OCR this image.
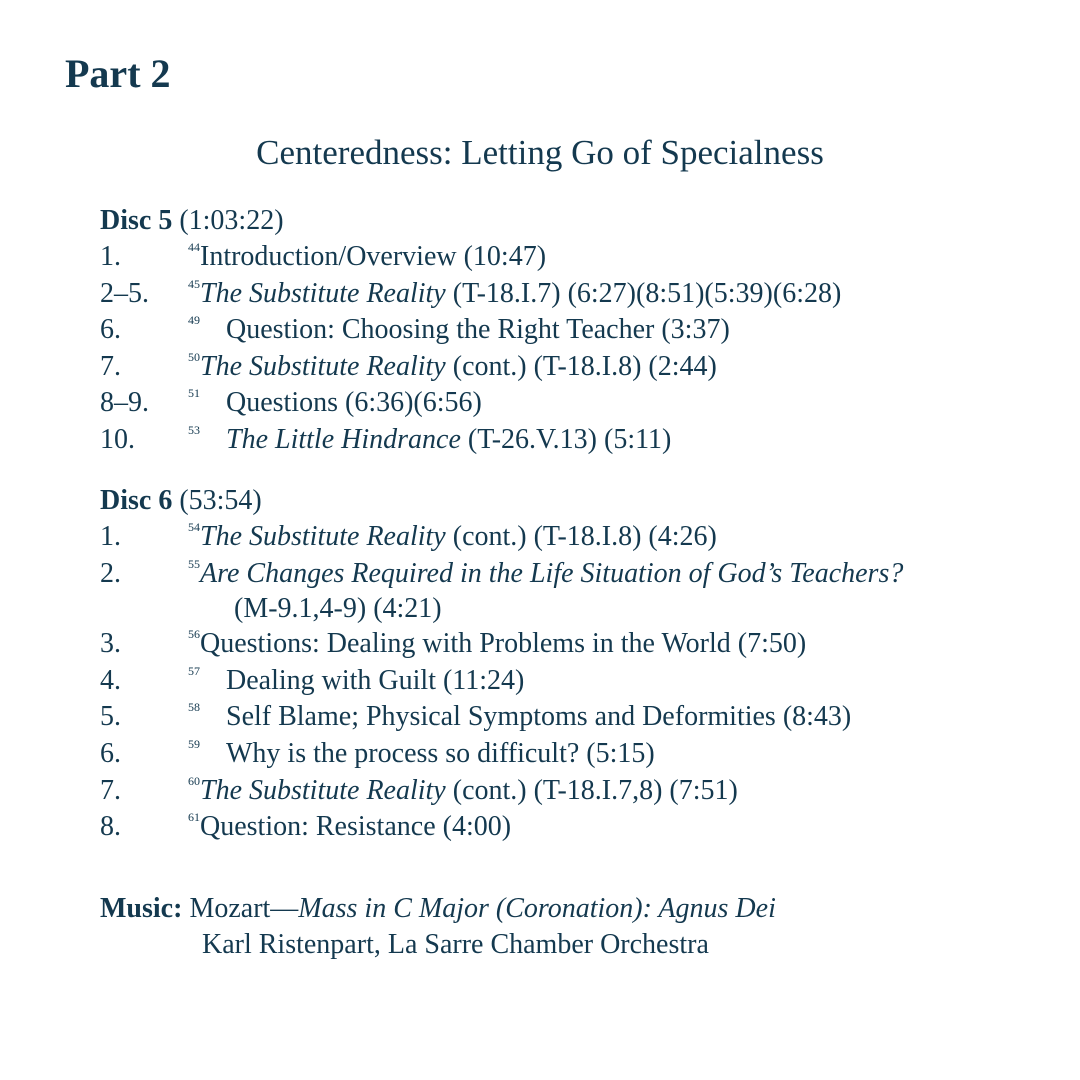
Part 2
Centeredness: Letting Go of Specialness
Disc 5 (1:03:22)
1.	$^{44}$Introduction/Overview (10:47)
2–5.	$^{45}$The Substitute Reality (T-18.I.7) (6:27)(8:51)(5:39)(6:28)
6.	$^{49}$ Question: Choosing the Right Teacher (3:37)
7.	$^{50}$The Substitute Reality (cont.) (T-18.I.8) (2:44)
8–9.	$^{51}$ Questions (6:36)(6:56)
10.	$^{53}$ The Little Hindrance (T-26.V.13) (5:11)
Disc 6 (53:54)
1.	$^{54}$The Substitute Reality (cont.) (T-18.I.8) (4:26)
2.	$^{55}$Are Changes Required in the Life Situation of God’s Teachers?
(M-9.1,4-9) (4:21)
3.	$^{56}$Questions: Dealing with Problems in the World (7:50)
4.	$^{57}$ Dealing with Guilt (11:24)
5.	$^{58}$ Self Blame; Physical Symptoms and Deformities (8:43)
6.	$^{59}$ Why is the process so difficult? (5:15)
7.	$^{60}$The Substitute Reality (cont.) (T-18.I.7,8) (7:51)
8.	$^{61}$Question: Resistance (4:00)
Music: Mozart—Mass in C Major (Coronation): Agnus Dei
Karl Ristenpart, La Sarre Chamber Orchestra
